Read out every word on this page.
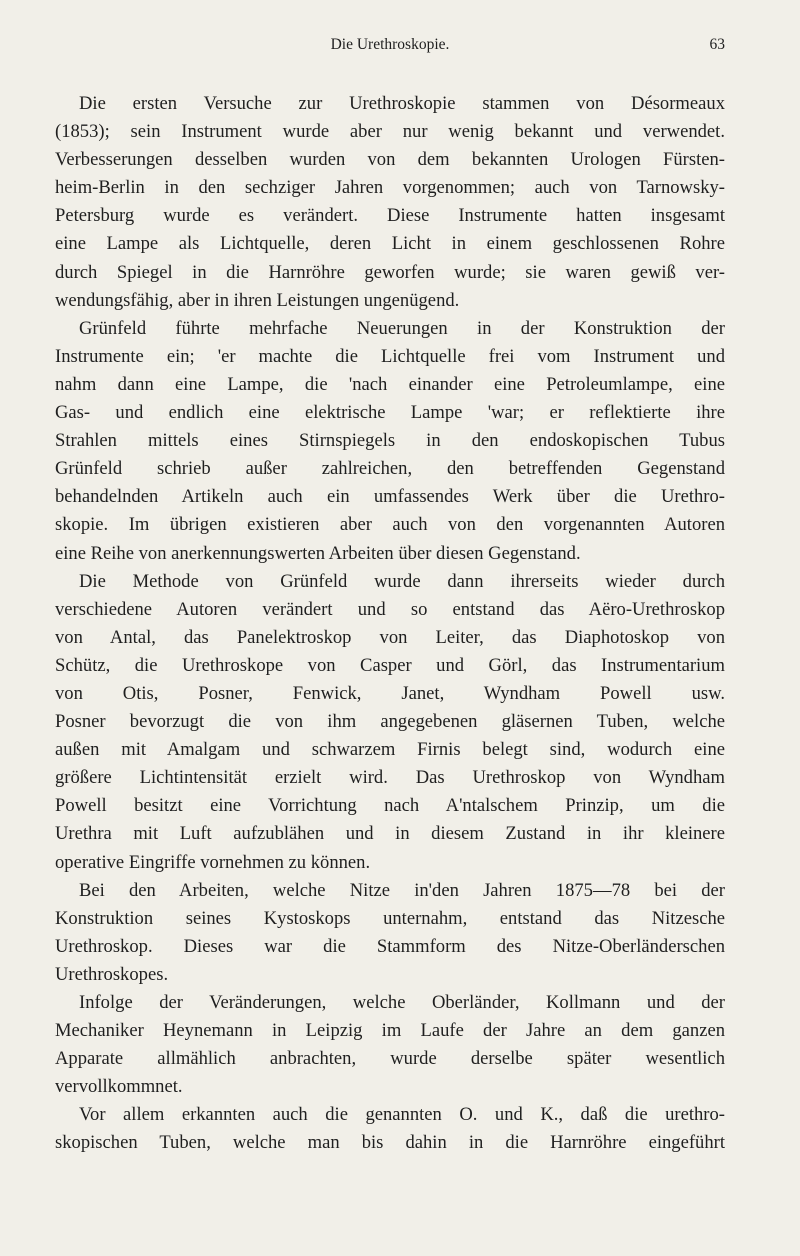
Die Urethroskopie.	63
Die ersten Versuche zur Urethroskopie stammen von Désormeaux
(1853); sein Instrument wurde aber nur wenig bekannt und verwendet.
Verbesserungen desselben wurden von dem bekannten Urologen Fürsten-
heim-Berlin in den sechziger Jahren vorgenommen; auch von Tarnowsky-
Petersburg wurde es verändert. Diese Instrumente hatten insgesamt
eine Lampe als Lichtquelle, deren Licht in einem geschlossenen Rohre
durch Spiegel in die Harnröhre geworfen wurde; sie waren gewiß ver-
wendungsfähig, aber in ihren Leistungen ungenügend.
Grünfeld führte mehrfache Neuerungen in der Konstruktion der
Instrumente ein; 'er machte die Lichtquelle frei vom Instrument und
nahm dann eine Lampe, die 'nach einander eine Petroleumlampe, eine
Gas- und endlich eine elektrische Lampe 'war; er reflektierte ihre
Strahlen mittels eines Stirnspiegels in den endoskopischen Tubus
Grünfeld schrieb außer zahlreichen, den betreffenden Gegenstand
behandelnden Artikeln auch ein umfassendes Werk über die Urethro-
skopie. Im übrigen existieren aber auch von den vorgenannten Autoren
eine Reihe von anerkennungswerten Arbeiten über diesen Gegenstand.
Die Methode von Grünfeld wurde dann ihrerseits wieder durch
verschiedene Autoren verändert und so entstand das Aëro-Urethroskop
von Antal, das Panelektroskop von Leiter, das Diaphotoskop von
Schütz, die Urethroskope von Casper und Görl, das Instrumentarium
von Otis, Posner, Fenwick, Janet, Wyndham Powell usw.
Posner bevorzugt die von ihm angegebenen gläsernen Tuben, welche
außen mit Amalgam und schwarzem Firnis belegt sind, wodurch eine
größere Lichtintensität erzielt wird. Das Urethroskop von Wyndham
Powell besitzt eine Vorrichtung nach A'ntalschem Prinzip, um die
Urethra mit Luft aufzublähen und in diesem Zustand in ihr kleinere
operative Eingriffe vornehmen zu können.
Bei den Arbeiten, welche Nitze in'den Jahren 1875—78 bei der
Konstruktion seines Kystoskops unternahm, entstand das Nitzesche
Urethroskop. Dieses war die Stammform des Nitze-Oberländerschen
Urethroskopes.
Infolge der Veränderungen, welche Oberländer, Kollmann und der
Mechaniker Heynemann in Leipzig im Laufe der Jahre an dem ganzen
Apparate allmählich anbrachten, wurde derselbe später wesentlich
vervollkommnet.
Vor allem erkannten auch die genannten O. und K., daß die urethro-
skopischen Tuben, welche man bis dahin in die Harnröhre eingeführt
